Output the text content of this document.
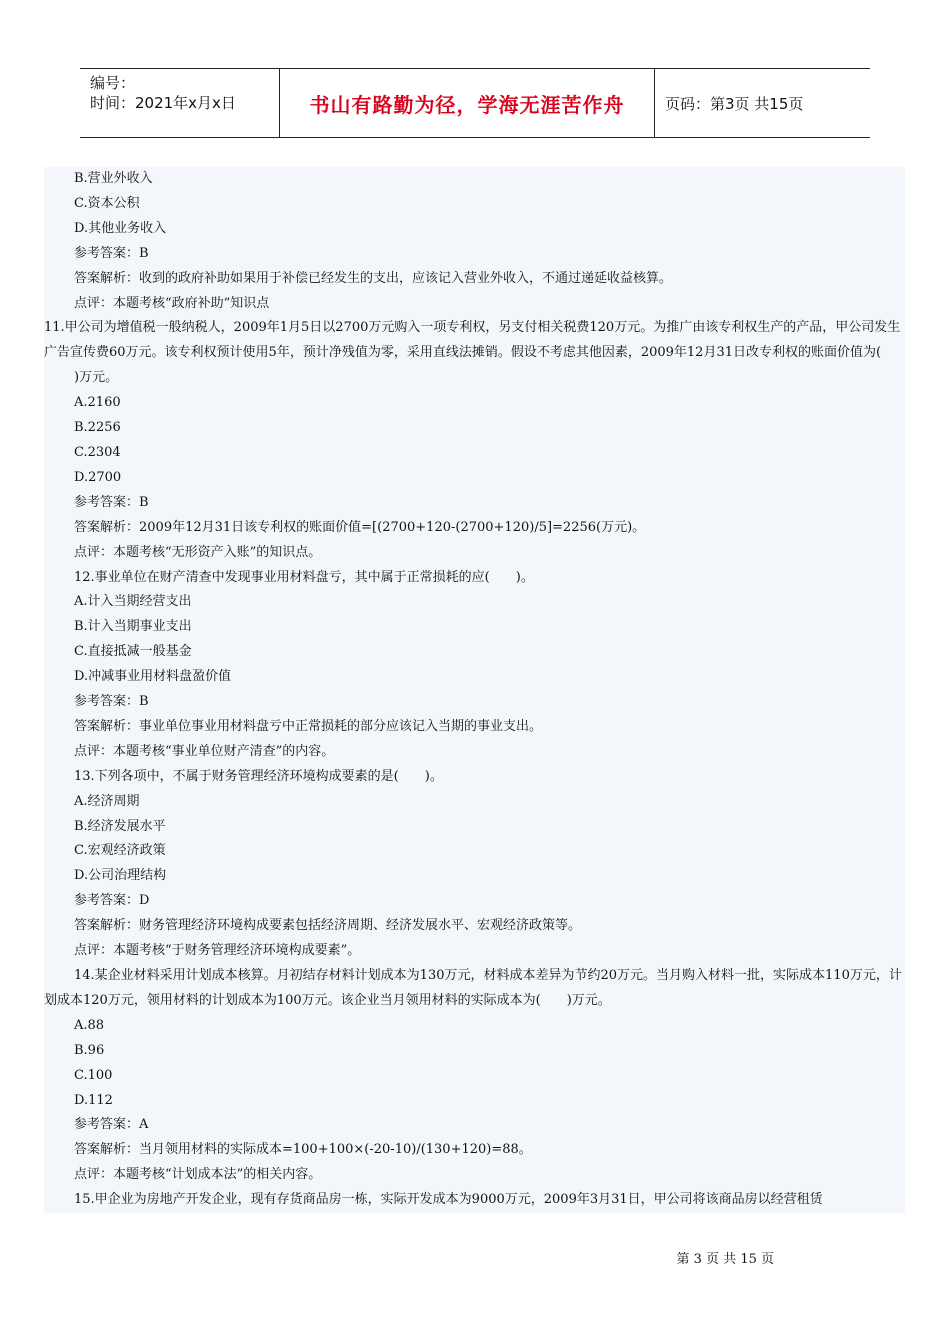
编号：
时间：2021年x月x日	书山有路勤为径，学海无涯苦作舟	页码：第3页 共15页
B.营业外收入
C.资本公积
D.其他业务收入
参考答案：B
答案解析：收到的政府补助如果用于补偿已经发生的支出，应该记入营业外收入，不通过递延收益核算。
点评：本题考核“政府补助”知识点
11.甲公司为增值税一般纳税人，2009年1月5日以2700万元购入一项专利权，另支付相关税费120万元。为推广由该专利权生产的产品，甲公司发生广告宣传费60万元。该专利权预计使用5年，预计净残值为零，采用直线法摊销。假设不考虑其他因素，2009年12月31日改专利权的账面价值为(
)万元。
A.2160
B.2256
C.2304
D.2700
参考答案：B
答案解析：2009年12月31日该专利权的账面价值=[(2700+120-(2700+120)/5]=2256(万元)。
点评：本题考核“无形资产入账”的知识点。
12.事业单位在财产清查中发现事业用材料盘亏，其中属于正常损耗的应(　　)。
A.计入当期经营支出
B.计入当期事业支出
C.直接抵减一般基金
D.冲减事业用材料盘盈价值
参考答案：B
答案解析：事业单位事业用材料盘亏中正常损耗的部分应该记入当期的事业支出。
点评：本题考核“事业单位财产清查”的内容。
13.下列各项中，不属于财务管理经济环境构成要素的是(　　)。
A.经济周期
B.经济发展水平
C.宏观经济政策
D.公司治理结构
参考答案：D
答案解析：财务管理经济环境构成要素包括经济周期、经济发展水平、宏观经济政策等。
点评：本题考核“于财务管理经济环境构成要素”。
14.某企业材料采用计划成本核算。月初结存材料计划成本为130万元，材料成本差异为节约20万元。当月购入材料一批，实际成本110万元，计划成本120万元，领用材料的计划成本为100万元。该企业当月领用材料的实际成本为(　　)万元。
A.88
B.96
C.100
D.112
参考答案：A
答案解析：当月领用材料的实际成本=100+100×(-20-10)/(130+120)=88。
点评：本题考核“计划成本法”的相关内容。
15.甲企业为房地产开发企业，现有存货商品房一栋，实际开发成本为9000万元，2009年3月31日，甲公司将该商品房以经营租赁
第 3 页 共 15 页
